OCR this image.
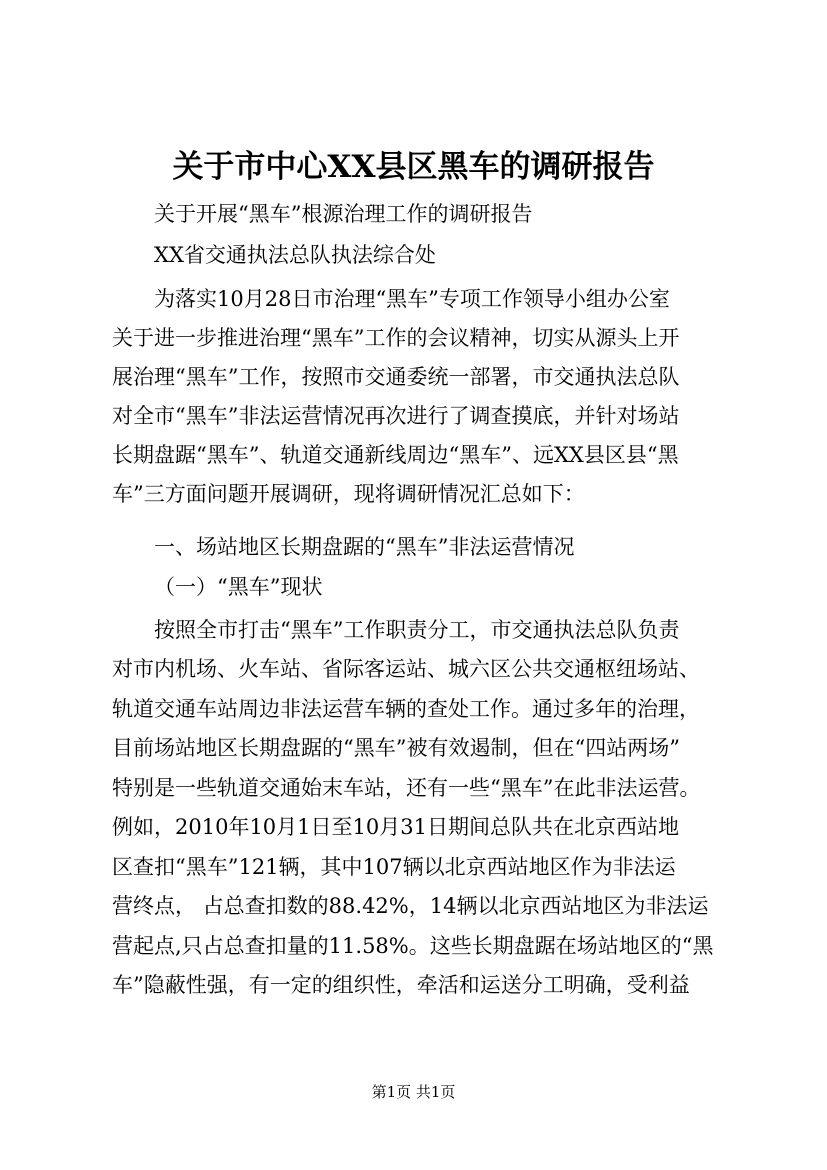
关于市中心XX县区黑车的调研报告
关于开展“黑车”根源治理工作的调研报告
XX省交通执法总队执法综合处
为落实10月28日市治理“黑车”专项工作领导小组办公室
关于进一步推进治理“黑车”工作的会议精神，切实从源头上开
展治理“黑车”工作，按照市交通委统一部署，市交通执法总队
对全市“黑车”非法运营情况再次进行了调查摸底，并针对场站
长期盘踞“黑车”、轨道交通新线周边“黑车”、远XX县区县“黑
车”三方面问题开展调研，现将调研情况汇总如下：
一、场站地区长期盘踞的“黑车”非法运营情况
（一）“黑车”现状
按照全市打击“黑车”工作职责分工，市交通执法总队负责
对市内机场、火车站、省际客运站、城六区公共交通枢纽场站、
轨道交通车站周边非法运营车辆的查处工作。通过多年的治理，
目前场站地区长期盘踞的“黑车”被有效遏制，但在“四站两场”
特别是一些轨道交通始末车站，还有一些“黑车”在此非法运营。
例如，2010年10月1日至10月31日期间总队共在北京西站地
区查扣“黑车”121辆，其中107辆以北京西站地区作为非法运
营终点， 占总查扣数的88.42%，14辆以北京西站地区为非法运
营起点,只占总查扣量的11.58%。这些长期盘踞在场站地区的“黑
车”隐蔽性强，有一定的组织性，牵活和运送分工明确，受利益
第1页 共1页
